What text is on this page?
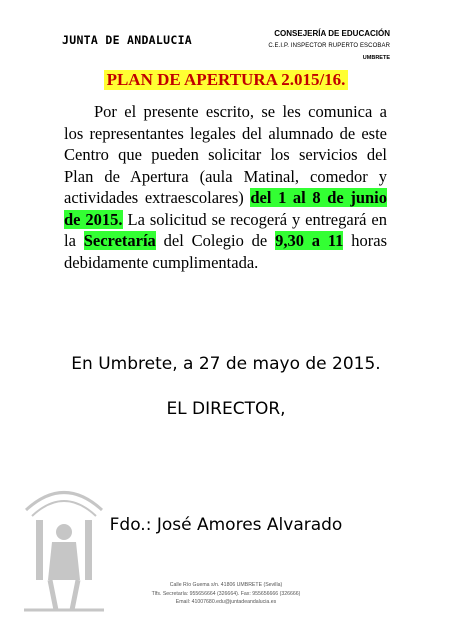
JUNTA DE ANDALUCIA	CONSEJERÍA DE EDUCACIÓN
C.E.I.P. INSPECTOR RUPERTO ESCOBAR
UMBRETE
PLAN DE APERTURA 2.015/16.
Por el presente escrito, se les comunica a los representantes legales del alumnado de este Centro que pueden solicitar los servicios del Plan de Apertura (aula Matinal, comedor y actividades extraescolares) del 1 al 8 de junio de 2015. La solicitud se recogerá y entregará en la Secretaría del Colegio de 9,30 a 11 horas debidamente cumplimentada.
En Umbrete, a 27 de mayo de 2015.
EL DIRECTOR,
Fdo.: José Amores Alvarado
Calle Río Guema s/n. 41806 UMBRETE (Sevilla)
Tlfs. Secretaría: 955656664 (326664). Fax: 955656666 (326666)
Email: 41007680.edu@juntadeandalucia.es
